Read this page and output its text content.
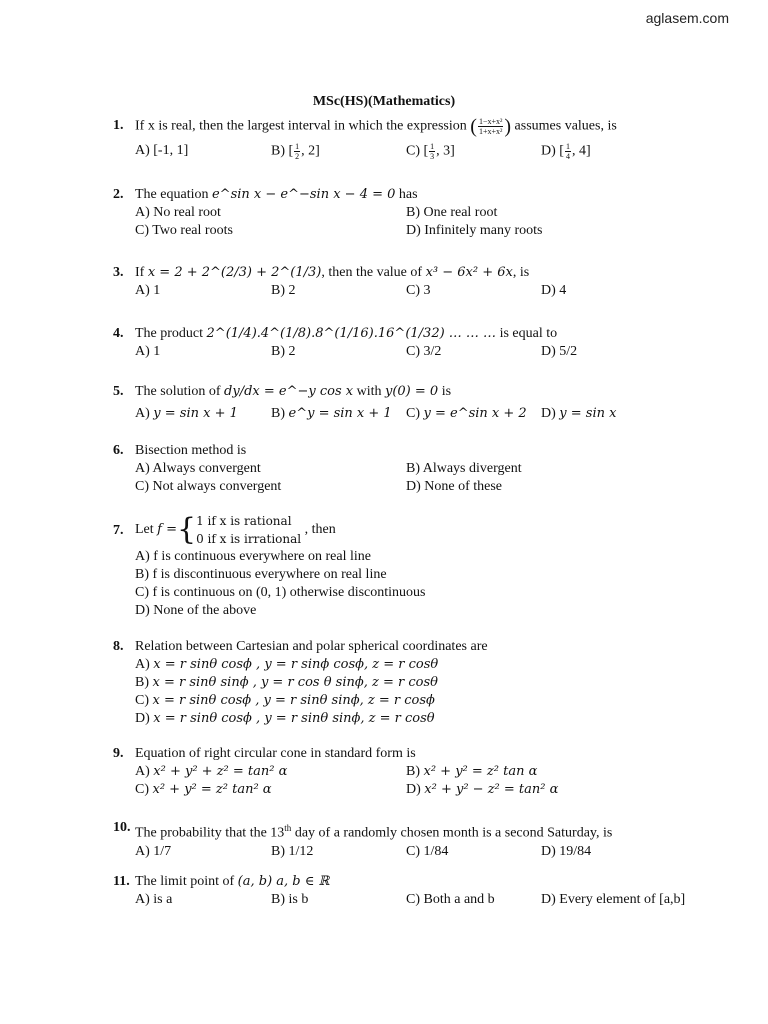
aglasem.com
MSc(HS)(Mathematics)
1. If x is real, then the largest interval in which the expression ( $\frac{\text{1−x+x²}}{\text{1+x+x²}}$ ) assumes values, is
A) [-1, 1]	B) [ $\frac{1}{2}$ , 2]	C) [ $\frac{1}{3}$ , 3]	D) [ $\frac{1}{4}$ , 4]
2. The equation e^sin x − e^−sin x − 4 = 0 has
A) No real root	B) One real root
C) Two real roots	D) Infinitely many roots
3. If x = 2 + 2^(2/3) + 2^(1/3), then the value of x³ − 6x² + 6x, is
A) 1	B) 2	C) 3	D) 4
4. The product 2^(1/4).4^(1/8).8^(1/16).16^(1/32) … … … is equal to
A) 1	B) 2	C) 3/2	D) 5/2
5. The solution of dy/dx = e^−y cos x with y(0) = 0 is
A) y = sin x + 1 B) e^y = sin x + 1 C) y = e^sin x + 2 D) y = sin x
6. Bisection method is
A) Always convergent	B) Always divergent
C) Not always convergent	D) None of these
7. Let f ={ 1 if x is rational
0 if x is irrational
, then
A) f is continuous everywhere on real line
B) f is discontinuous everywhere on real line
C) f is continuous on (0, 1) otherwise discontinuous
D) None of the above
8. Relation between Cartesian and polar spherical coordinates are
A) x = r sinθ cosϕ , y = r sinϕ cosϕ, z = r cosθ
B) x = r sinθ sinϕ , y = r cos θ sinϕ, z = r cosθ
C) x = r sinθ cosϕ , y = r sinθ sinϕ, z = r cosϕ
D) x = r sinθ cosϕ , y = r sinθ sinϕ, z = r cosθ
9. Equation of right circular cone in standard form is
A) x² + y² + z² = tan² α	B) x² + y² = z² tan α
C) x² + y² = z² tan² α	D) x² + y² − z² = tan² α
10. The probability that the 13th day of a randomly chosen month is a second Saturday, is
A) 1/7	B) 1/12	C) 1/84	D) 19/84
11. The limit point of (a, b) a, b ∈ ℝ
A) is a	B) is b	C) Both a and b	D) Every element of [a,b]
